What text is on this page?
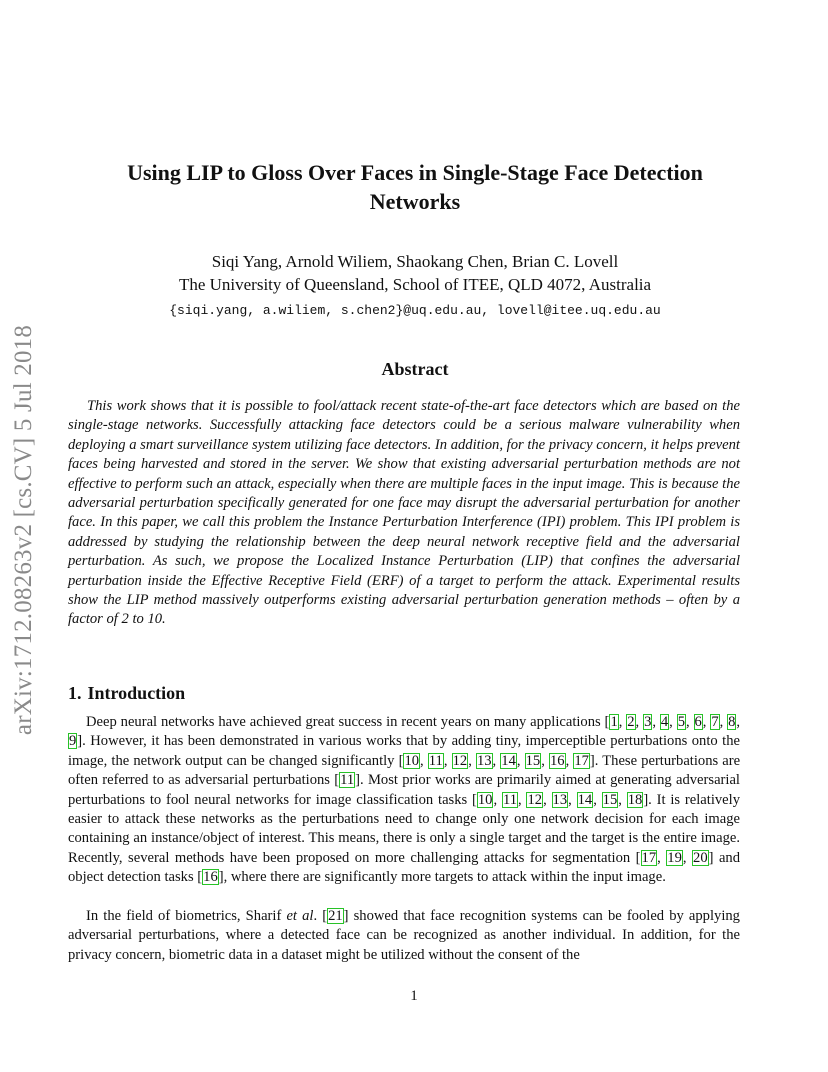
arXiv:1712.08263v2 [cs.CV] 5 Jul 2018
Using LIP to Gloss Over Faces in Single-Stage Face Detection Networks
Siqi Yang, Arnold Wiliem, Shaokang Chen, Brian C. Lovell
The University of Queensland, School of ITEE, QLD 4072, Australia
{siqi.yang, a.wiliem, s.chen2}@uq.edu.au, lovell@itee.uq.edu.au
Abstract

This work shows that it is possible to fool/attack recent state-of-the-art face detectors which are based on the single-stage networks. Successfully attacking face detectors could be a serious malware vulnerability when deploying a smart surveillance system utilizing face detectors. In addition, for the privacy concern, it helps prevent faces being harvested and stored in the server. We show that existing adversarial perturbation methods are not effective to perform such an attack, especially when there are multiple faces in the input image. This is because the adversarial perturbation specifically generated for one face may disrupt the adversarial perturbation for another face. In this paper, we call this problem the Instance Perturbation Interference (IPI) problem. This IPI problem is addressed by studying the relationship between the deep neural network receptive field and the adversarial perturbation. As such, we propose the Localized Instance Perturbation (LIP) that confines the adversarial perturbation inside the Effective Receptive Field (ERF) of a target to perform the attack. Experimental results show the LIP method massively outperforms existing adversarial perturbation generation methods – often by a factor of 2 to 10.

1. Introduction

Deep neural networks have achieved great success in recent years on many applications [1, 2, 3, 4, 5, 6, 7, 8, 9]. However, it has been demonstrated in various works that by adding tiny, imperceptible perturbations onto the image, the network output can be changed significantly [10, 11, 12, 13, 14, 15, 16, 17]. These perturbations are often referred to as adversarial perturbations [11]. Most prior works are primarily aimed at generating adversarial perturbations to fool neural networks for image classification tasks [10, 11, 12, 13, 14, 15, 18]. It is relatively easier to attack these networks as the perturbations need to change only one network decision for each image containing an instance/object of interest. This means, there is only a single target and the target is the entire image. Recently, several methods have been proposed on more challenging attacks for segmentation [17, 19, 20] and object detection tasks [16], where there are significantly more targets to attack within the input image.

In the field of biometrics, Sharif et al. [21] showed that face recognition systems can be fooled by applying adversarial perturbations, where a detected face can be recognized as another individual. In addition, for the privacy concern, biometric data in a dataset might be utilized without the consent of the

1
